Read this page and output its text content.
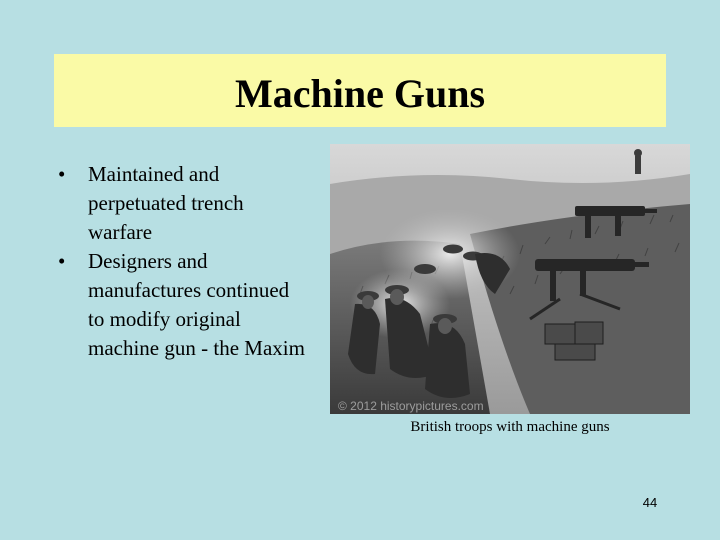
Machine Guns
•	Maintained and perpetuated trench warfare
•	Designers and manufactures continued to modify original machine gun - the Maxim
© 2012 historypictures.com
British troops with machine guns
44
